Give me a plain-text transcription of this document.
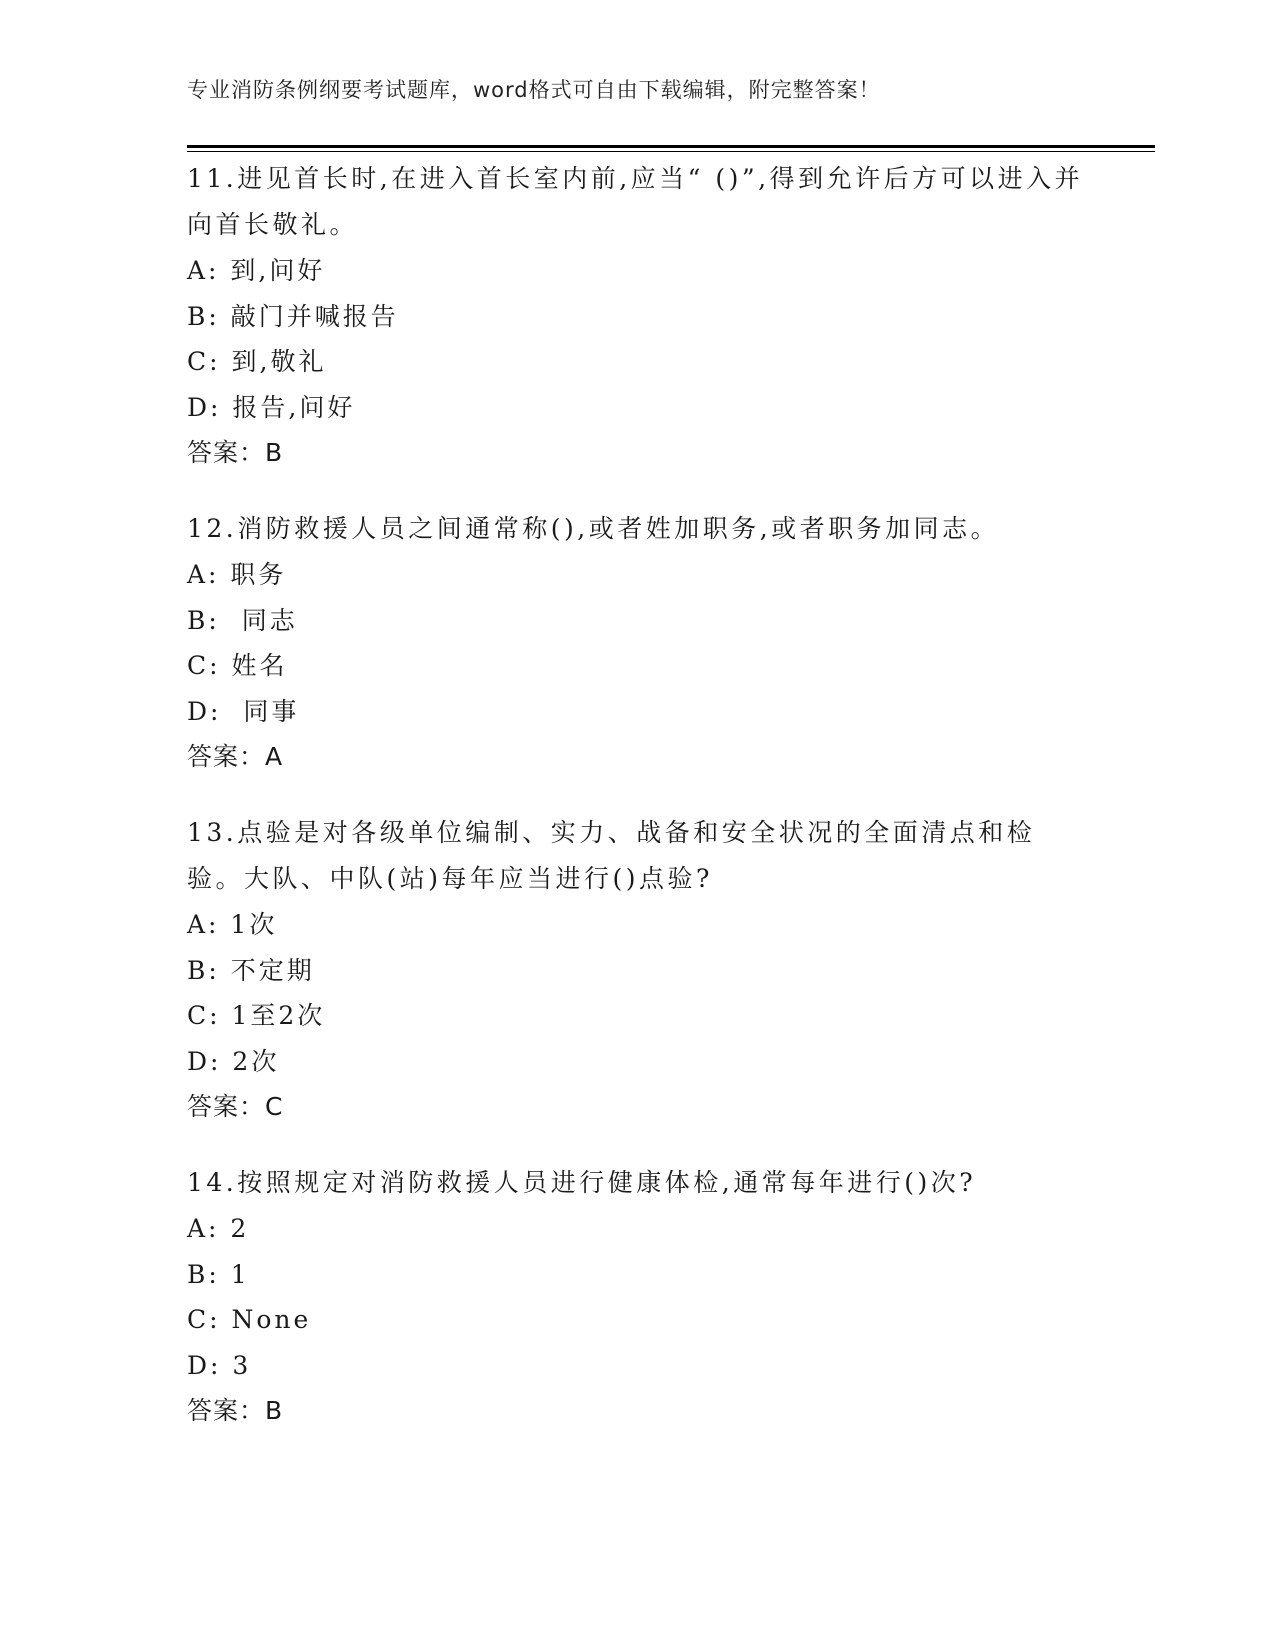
专业消防条例纲要考试题库，word格式可自由下载编辑，附完整答案！

11.进见首长时,在进入首长室内前,应当“ ()”,得到允许后方可以进入并向首长敬礼。

A: 到,问好
B: 敲门并喊报告
C: 到,敬礼
D: 报告,问好
答案：B

12.消防救援人员之间通常称(),或者姓加职务,或者职务加同志。

A: 职务
B:  同志
C: 姓名
D:  同事
答案：A

13.点验是对各级单位编制、实力、战备和安全状况的全面清点和检验。大队、中队(站)每年应当进行()点验?

A: 1次
B: 不定期
C: 1至2次
D: 2次
答案：C

14.按照规定对消防救援人员进行健康体检,通常每年进行()次?

A: 2
B: 1
C: None
D: 3
答案：B
